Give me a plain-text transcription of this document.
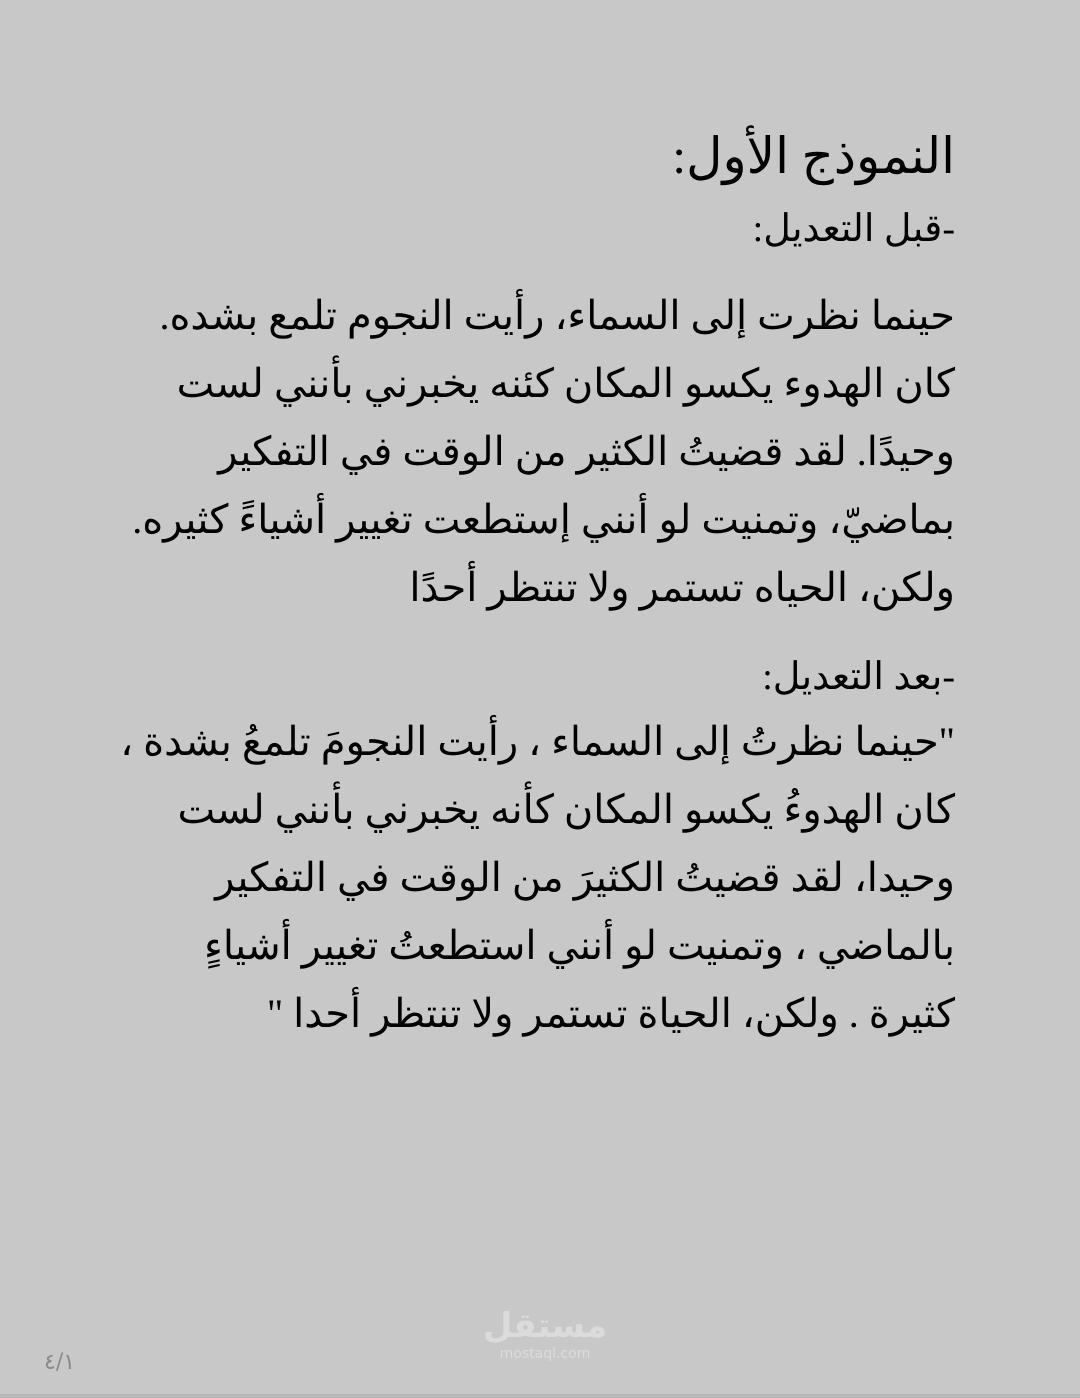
النموذج الأول:
-قبل التعديل:
حينما نظرت إلى السماء، رأيت النجوم تلمع بشده.
كان الهدوء يكسو المكان كئنه يخبرني بأنني لست
وحيدًا. لقد قضيتُ الكثير من الوقت في التفكير
بماضيّ، وتمنيت لو أنني إستطعت تغيير أشياءً كثيره.
ولكن، الحياه تستمر ولا تنتظر أحدًا
-بعد التعديل:
"حينما نظرتُ إلى السماء ، رأيت النجومَ تلمعُ بشدة ،
كان الهدوءُ يكسو المكان كأنه يخبرني بأنني لست
وحيدا، لقد قضيتُ الكثيرَ من الوقت في التفكير
بالماضي ، وتمنيت لو أنني استطعتُ تغيير أشياءٍ
كثيرة . ولكن، الحياة تستمر ولا تنتظر أحدا "
مستقل
mostaql.com
٤/١
